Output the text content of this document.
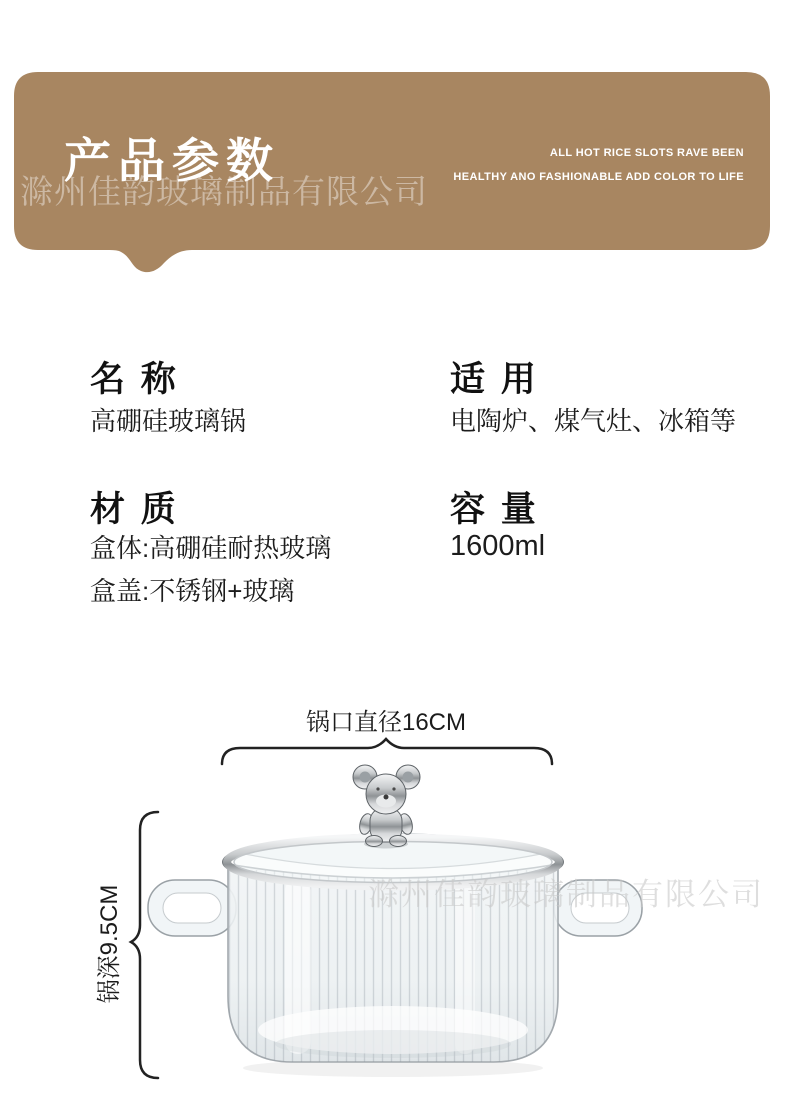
产品参数
滁州佳韵玻璃制品有限公司
ALL HOT RICE SLOTS RAVE BEEN
HEALTHY ANO FASHIONABLE ADD COLOR TO LIFE
名 称
高硼硅玻璃锅
适 用
电陶炉、煤气灶、冰箱等
材 质
盒体:高硼硅耐热玻璃
盒盖:不锈钢+玻璃
容 量
1600ml
滁州佳韵玻璃制品有限公司
锅口直径16CM
锅深9.5CM
